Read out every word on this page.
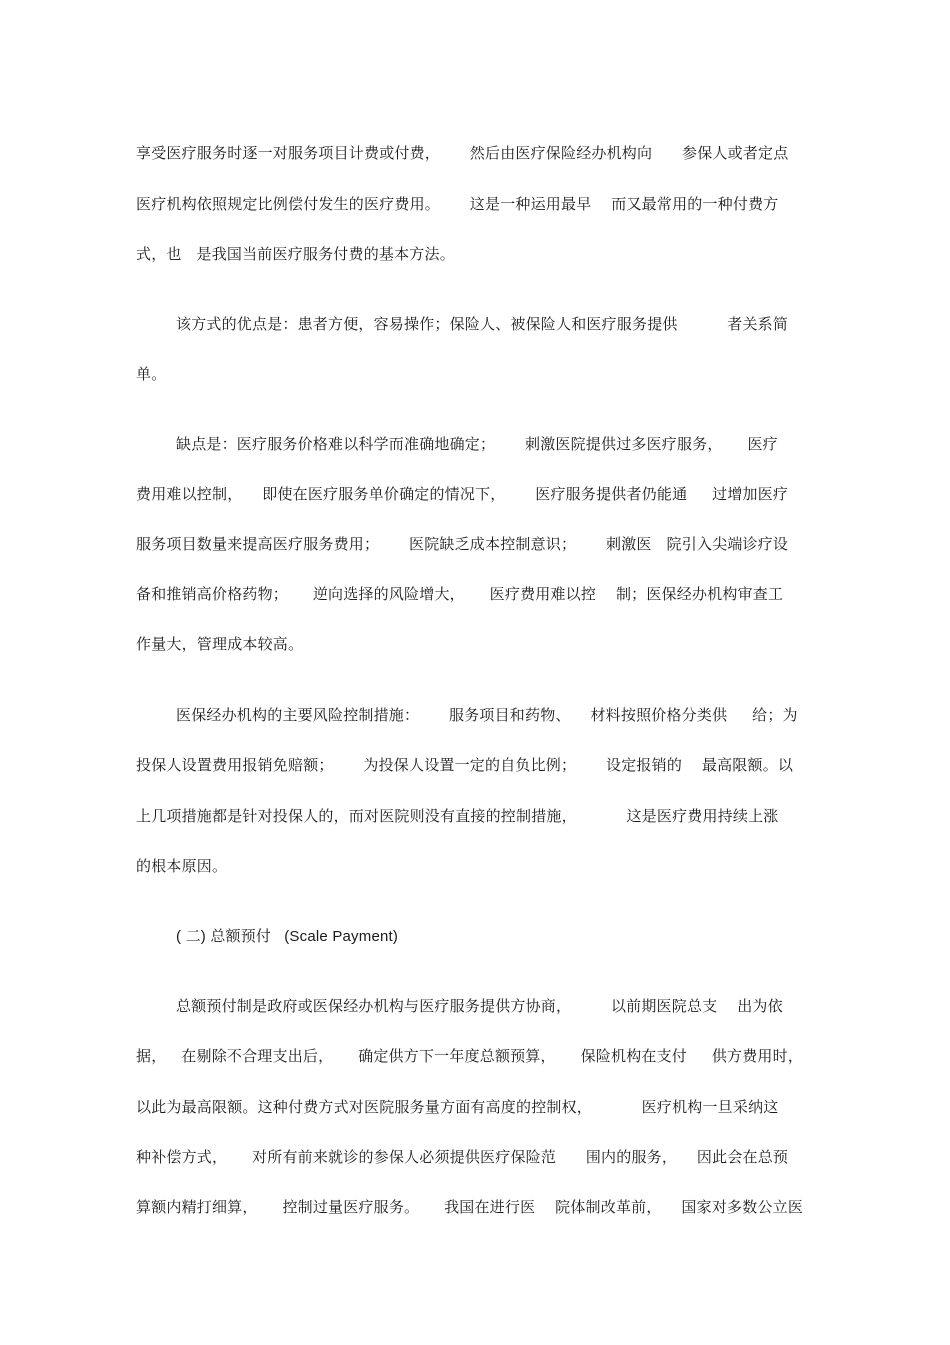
享受医疗服务时逐一对服务项目计费或付费，      然后由医疗保险经办机构向      参保人或者定点
医疗机构依照规定比例偿付发生的医疗费用。      这是一种运用最早    而又最常用的一种付费方
式，也   是我国当前医疗服务付费的基本方法。
该方式的优点是：患者方便，容易操作；保险人、被保险人和医疗服务提供          者关系简
单。
缺点是：医疗服务价格难以科学而准确地确定；      刺激医院提供过多医疗服务，     医疗
费用难以控制，    即使在医疗服务单价确定的情况下，      医疗服务提供者仍能通     过增加医疗
服务项目数量来提高医疗服务费用；      医院缺乏成本控制意识；      刺激医   院引入尖端诊疗设
备和推销高价格药物；     逆向选择的风险增大，     医疗费用难以控    制；医保经办机构审查工
作量大，管理成本较高。
医保经办机构的主要风险控制措施：      服务项目和药物、    材料按照价格分类供     给；为
投保人设置费用报销免赔额；      为投保人设置一定的自负比例；      设定报销的    最高限额。以
上几项措施都是针对投保人的，而对医院则没有直接的控制措施，          这是医疗费用持续上涨
的根本原因。
( 二) 总额预付   (Scale Payment)
总额预付制是政府或医保经办机构与医疗服务提供方协商，        以前期医院总支    出为依
据，   在剔除不合理支出后，     确定供方下一年度总额预算，     保险机构在支付     供方费用时，
以此为最高限额。这种付费方式对医院服务量方面有高度的控制权，          医疗机构一旦采纳这
种补偿方式，     对所有前来就诊的参保人必须提供医疗保险范      围内的服务，    因此会在总预
算额内精打细算，     控制过量医疗服务。     我国在进行医    院体制改革前，    国家对多数公立医
